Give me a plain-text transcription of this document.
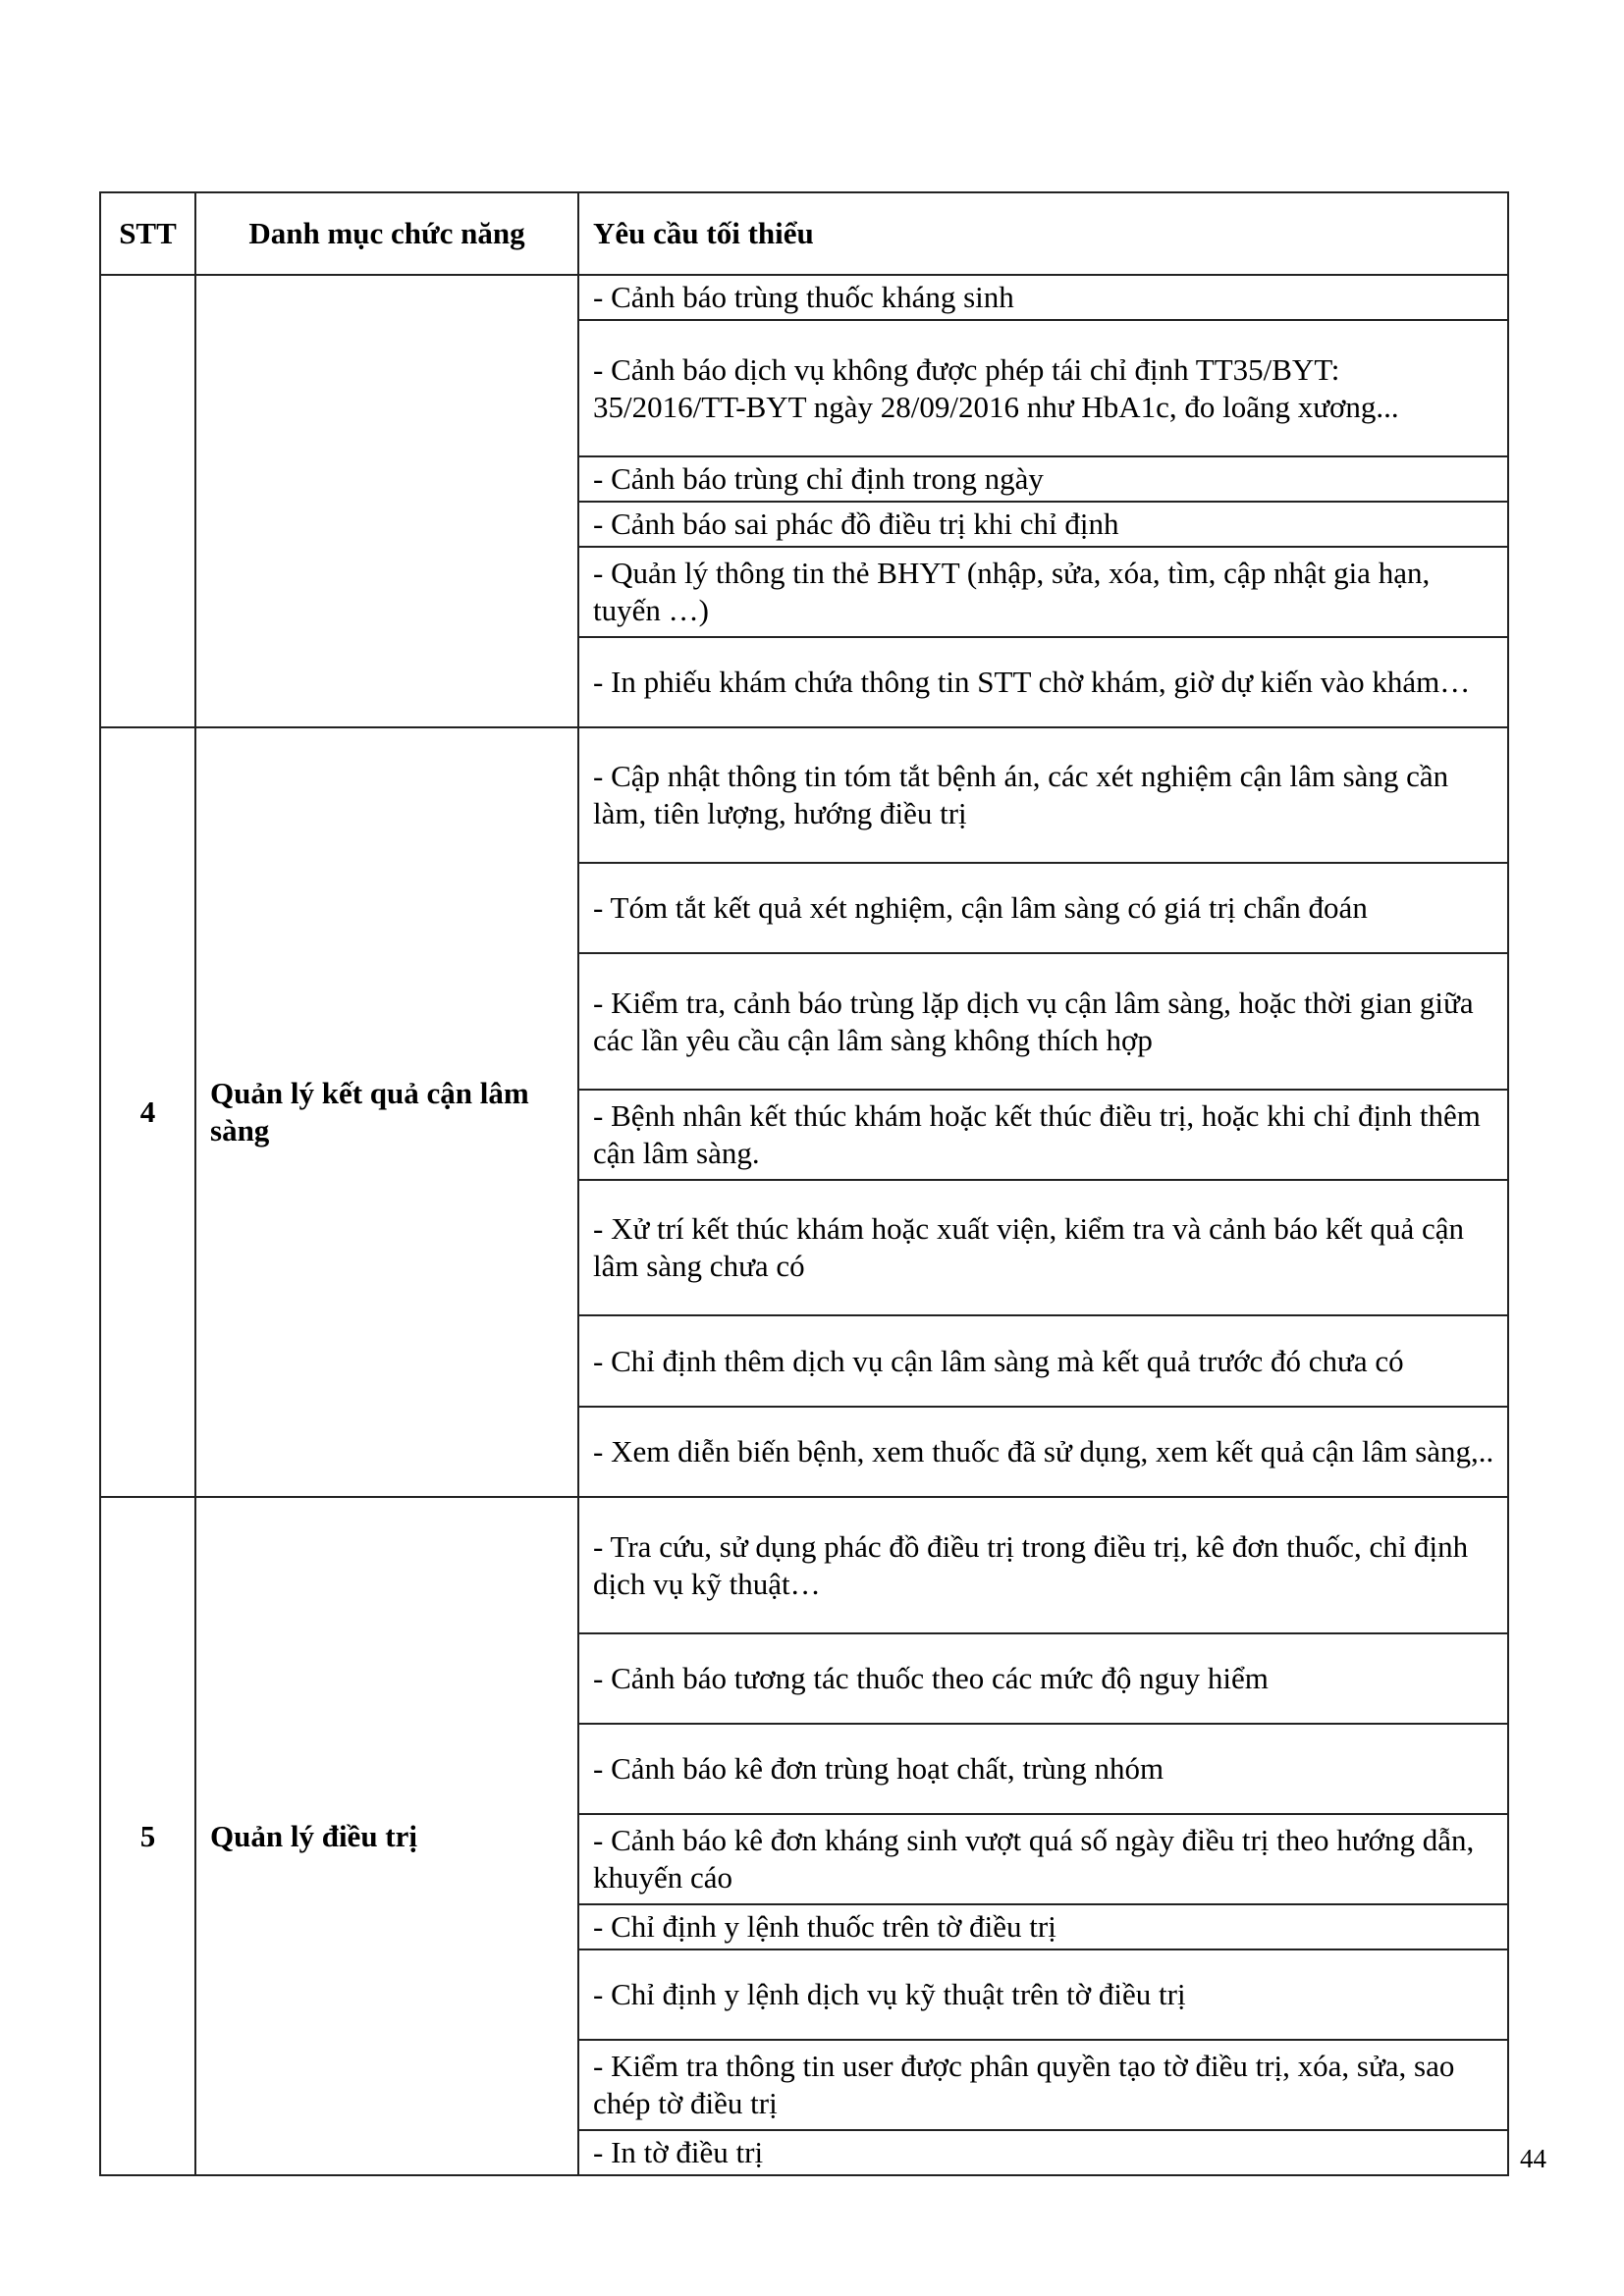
STT	Danh mục chức năng	Yêu cầu tối thiểu
		- Cảnh báo trùng thuốc kháng sinh
		- Cảnh báo dịch vụ không được phép tái chỉ định TT35/BYT: 35/2016/TT-BYT ngày 28/09/2016 như HbA1c, đo loãng xương...
		- Cảnh báo trùng chỉ định trong ngày
		- Cảnh báo sai phác đồ điều trị khi chỉ định
		- Quản lý thông tin thẻ BHYT (nhập, sửa, xóa, tìm, cập nhật gia hạn, tuyến …)
		- In phiếu khám chứa thông tin STT chờ khám, giờ dự kiến vào khám…
4	Quản lý kết quả cận lâm sàng	- Cập nhật thông tin tóm tắt bệnh án, các xét nghiệm cận lâm sàng cần làm, tiên lượng, hướng điều trị
		- Tóm tắt kết quả xét nghiệm, cận lâm sàng có giá trị chẩn đoán
		- Kiểm tra, cảnh báo trùng lặp dịch vụ cận lâm sàng, hoặc thời gian giữa các lần yêu cầu cận lâm sàng không thích hợp
		- Bệnh nhân kết thúc khám hoặc kết thúc điều trị, hoặc khi chỉ định thêm cận lâm sàng.
		- Xử trí kết thúc khám hoặc xuất viện, kiểm tra và cảnh báo kết quả cận lâm sàng chưa có
		- Chỉ định thêm dịch vụ cận lâm sàng mà kết quả trước đó chưa có
		- Xem diễn biến bệnh, xem thuốc đã sử dụng, xem kết quả cận lâm sàng,..
5	Quản lý điều trị	- Tra cứu, sử dụng phác đồ điều trị trong điều trị, kê đơn thuốc, chỉ định dịch vụ kỹ thuật…
		- Cảnh báo tương tác thuốc theo các mức độ nguy hiểm
		- Cảnh báo kê đơn trùng hoạt chất, trùng nhóm
		- Cảnh báo kê đơn kháng sinh vượt quá số ngày điều trị theo hướng dẫn, khuyến cáo
		- Chỉ định y lệnh thuốc trên tờ điều trị
		- Chỉ định y lệnh dịch vụ kỹ thuật trên tờ điều trị
		- Kiểm tra thông tin user được phân quyền tạo tờ điều trị, xóa, sửa, sao chép tờ điều trị
		- In tờ điều trị	44
